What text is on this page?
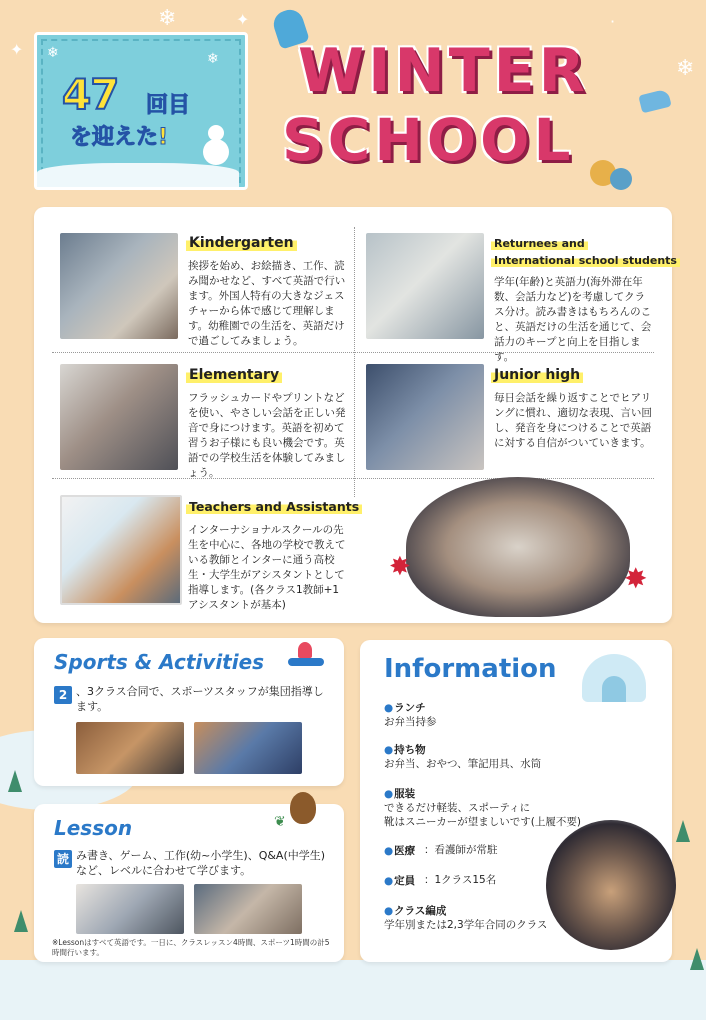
❄	✦
❄
✦
·
❄	❄
47 回目
を迎えた!
WINTER
SCHOOL
Kindergarten
挨拶を始め、お絵描き、工作、読み聞かせなど、すべて英語で行います。外国人特有の大きなジェスチャーから体で感じて理解します。幼稚園での生活を、英語だけで過ごしてみましょう。
Returnees and
International school students
学年(年齢)と英語力(海外滞在年数、会話力など)を考慮してクラス分け。読み書きはもちろんのこと、英語だけの生活を通じて、会話力のキープと向上を目指します。
Elementary
フラッシュカードやプリントなどを使い、やさしい会話を正しい発音で身につけます。英語を初めて習うお子様にも良い機会です。英語での学校生活を体験してみましょう。
Junior high
毎日会話を繰り返すことでヒアリングに慣れ、適切な表現、言い回し、発音を身につけることで英語に対する自信がついていきます。
Teachers and Assistants
インターナショナルスクールの先生を中心に、各地の学校で教えている教師とインターに通う高校生・大学生がアシスタントとして指導します。(各クラス1教師+1アシスタントが基本)
✸	✸
Sports & Activities
2 、3クラス合同で、スポーツスタッフが集団指導します。
Lesson	❦
読 み書き、ゲーム、工作(幼~小学生)、Q&A(中学生)など、レベルに合わせて学びます。
※Lessonはすべて英語です。一日に、クラスレッスン4時間、スポーツ1時間の計5時間行います。
Information
● ランチ
お弁当持参
● 持ち物
お弁当、おやつ、筆記用具、水筒
● 服装
できるだけ軽装、スポーティに
靴はスニーカーが望ましいです(上履不要)
● 医療 ：看護師が常駐
● 定員 ：1クラス15名
● クラス編成
学年別または2,3学年合同のクラス
